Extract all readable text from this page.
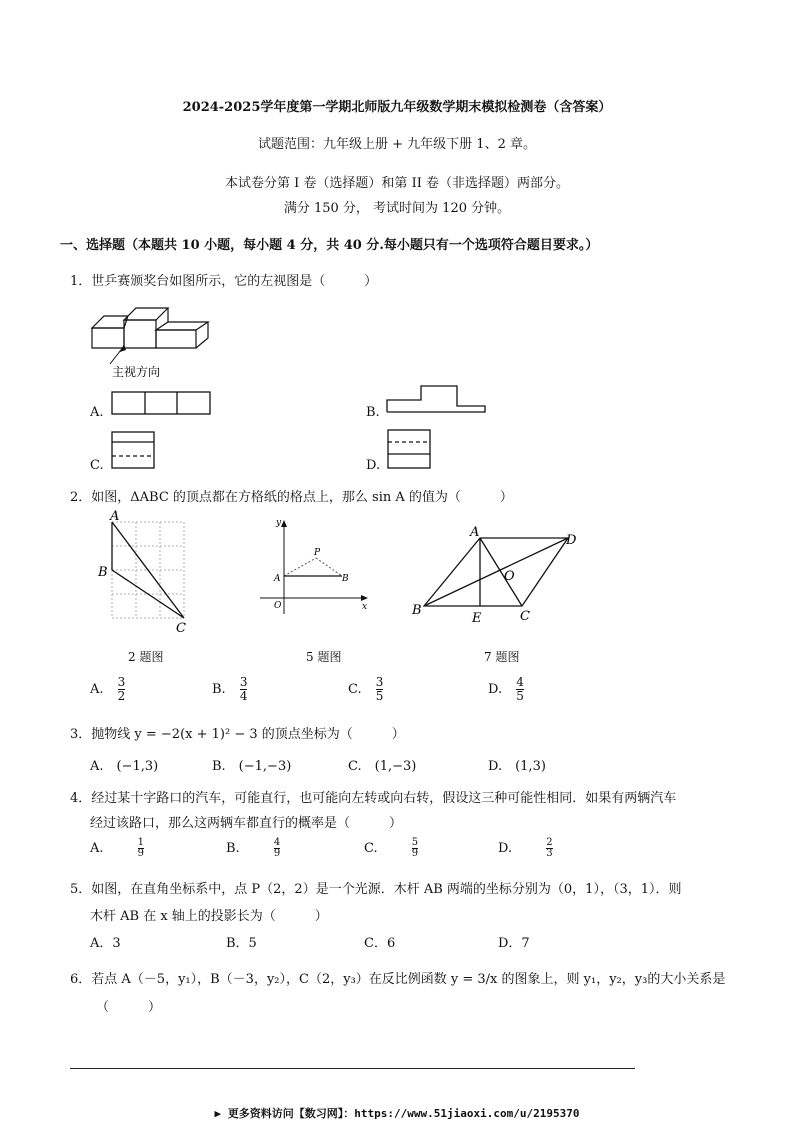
2024-2025学年度第一学期北师版九年级数学期末模拟检测卷（含答案）
试题范围：九年级上册 + 九年级下册 1、2 章。
本试卷分第 I 卷（选择题）和第 II 卷（非选择题）两部分。
满分 150 分， 考试时间为 120 分钟。
一、选择题（本题共 10 小题，每小题 4 分，共 40 分.每小题只有一个选项符合题目要求。）
1．世乒赛颁奖台如图所示，它的左视图是（　　　）
主视方向
A.	B.
C.	D.
2．如图，ΔABC 的顶点都在方格纸的格点上，那么 sin A 的值为（　　　）
A
B
C
y
x
P
A	B
O
A
D
O
B
E	C
2 题图	5 题图	7 题图
A. $\frac{3}{2}$	B. $\frac{3}{4}$	C. $\frac{3}{5}$	D. $\frac{4}{5}$
3．抛物线 y = −2(x + 1)² − 3 的顶点坐标为（　　　）
A.　(−1,3)	B.　(−1,−3)	C.　(1,−3)	D.　(1,3)
4．经过某十字路口的汽车，可能直行，也可能向左转或向右转，假设这三种可能性相同．如果有两辆汽车
经过该路口，那么这两辆车都直行的概率是（　　　）
A.	$\frac{1}{9}$	B.	$\frac{4}{9}$	C.	$\frac{5}{9}$	D.	$\frac{2}{3}$
5．如图，在直角坐标系中，点 P（2，2）是一个光源．木杆 AB 两端的坐标分别为（0，1），（3，1）．则
木杆 AB 在 x 轴上的投影长为（　　　）
A．3	B．5	C．6	D．7
6．若点 A（－5，y₁），B（－3，y₂），C（2，y₃）在反比例函数 y = 3/x 的图象上，则 y₁，y₂，y₃的大小关系是
（　　　）
▶ 更多资料访问【数习网】：https://www.51jiaoxi.com/u/2195370
